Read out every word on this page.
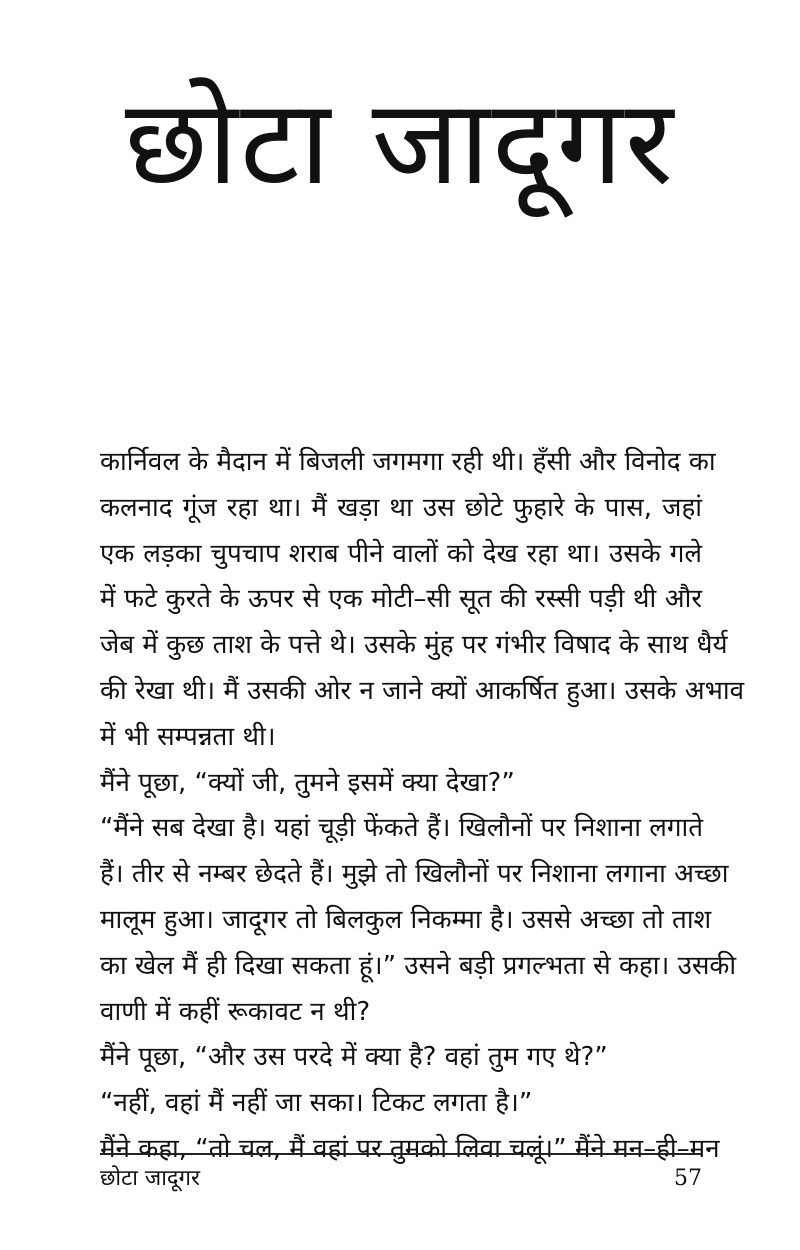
छोटा जादूगर
कार्निवल के मैदान में बिजली जगमगा रही थी। हँसी और विनोद का
कलनाद गूंज रहा था। मैं खड़ा था उस छोटे फुहारे के पास, जहां
एक लड़का चुपचाप शराब पीने वालों को देख रहा था। उसके गले
में फटे कुरते के ऊपर से एक मोटी–सी सूत की रस्सी पड़ी थी और
जेब में कुछ ताश के पत्ते थे। उसके मुंह पर गंभीर विषाद के साथ धैर्य
की रेखा थी। मैं उसकी ओर न जाने क्यों आकर्षित हुआ। उसके अभाव
में भी सम्पन्नता थी।
मैंने पूछा, “क्यों जी, तुमने इसमें क्या देखा?”
“मैंने सब देखा है। यहां चूड़ी फेंकते हैं। खिलौनों पर निशाना लगाते
हैं। तीर से नम्बर छेदते हैं। मुझे तो खिलौनों पर निशाना लगाना अच्छा
मालूम हुआ। जादूगर तो बिलकुल निकम्मा है। उससे अच्छा तो ताश
का खेल मैं ही दिखा सकता हूं।” उसने बड़ी प्रगल्भता से कहा। उसकी
वाणी में कहीं रूकावट न थी?
मैंने पूछा, “और उस परदे में क्या है? वहां तुम गए थे?”
“नहीं, वहां मैं नहीं जा सका। टिकट लगता है।”
मैंने कहा, “तो चल, मैं वहां पर तुमको लिवा चलूं।” मैंने मन–ही–मन
छोटा जादूगर	57
